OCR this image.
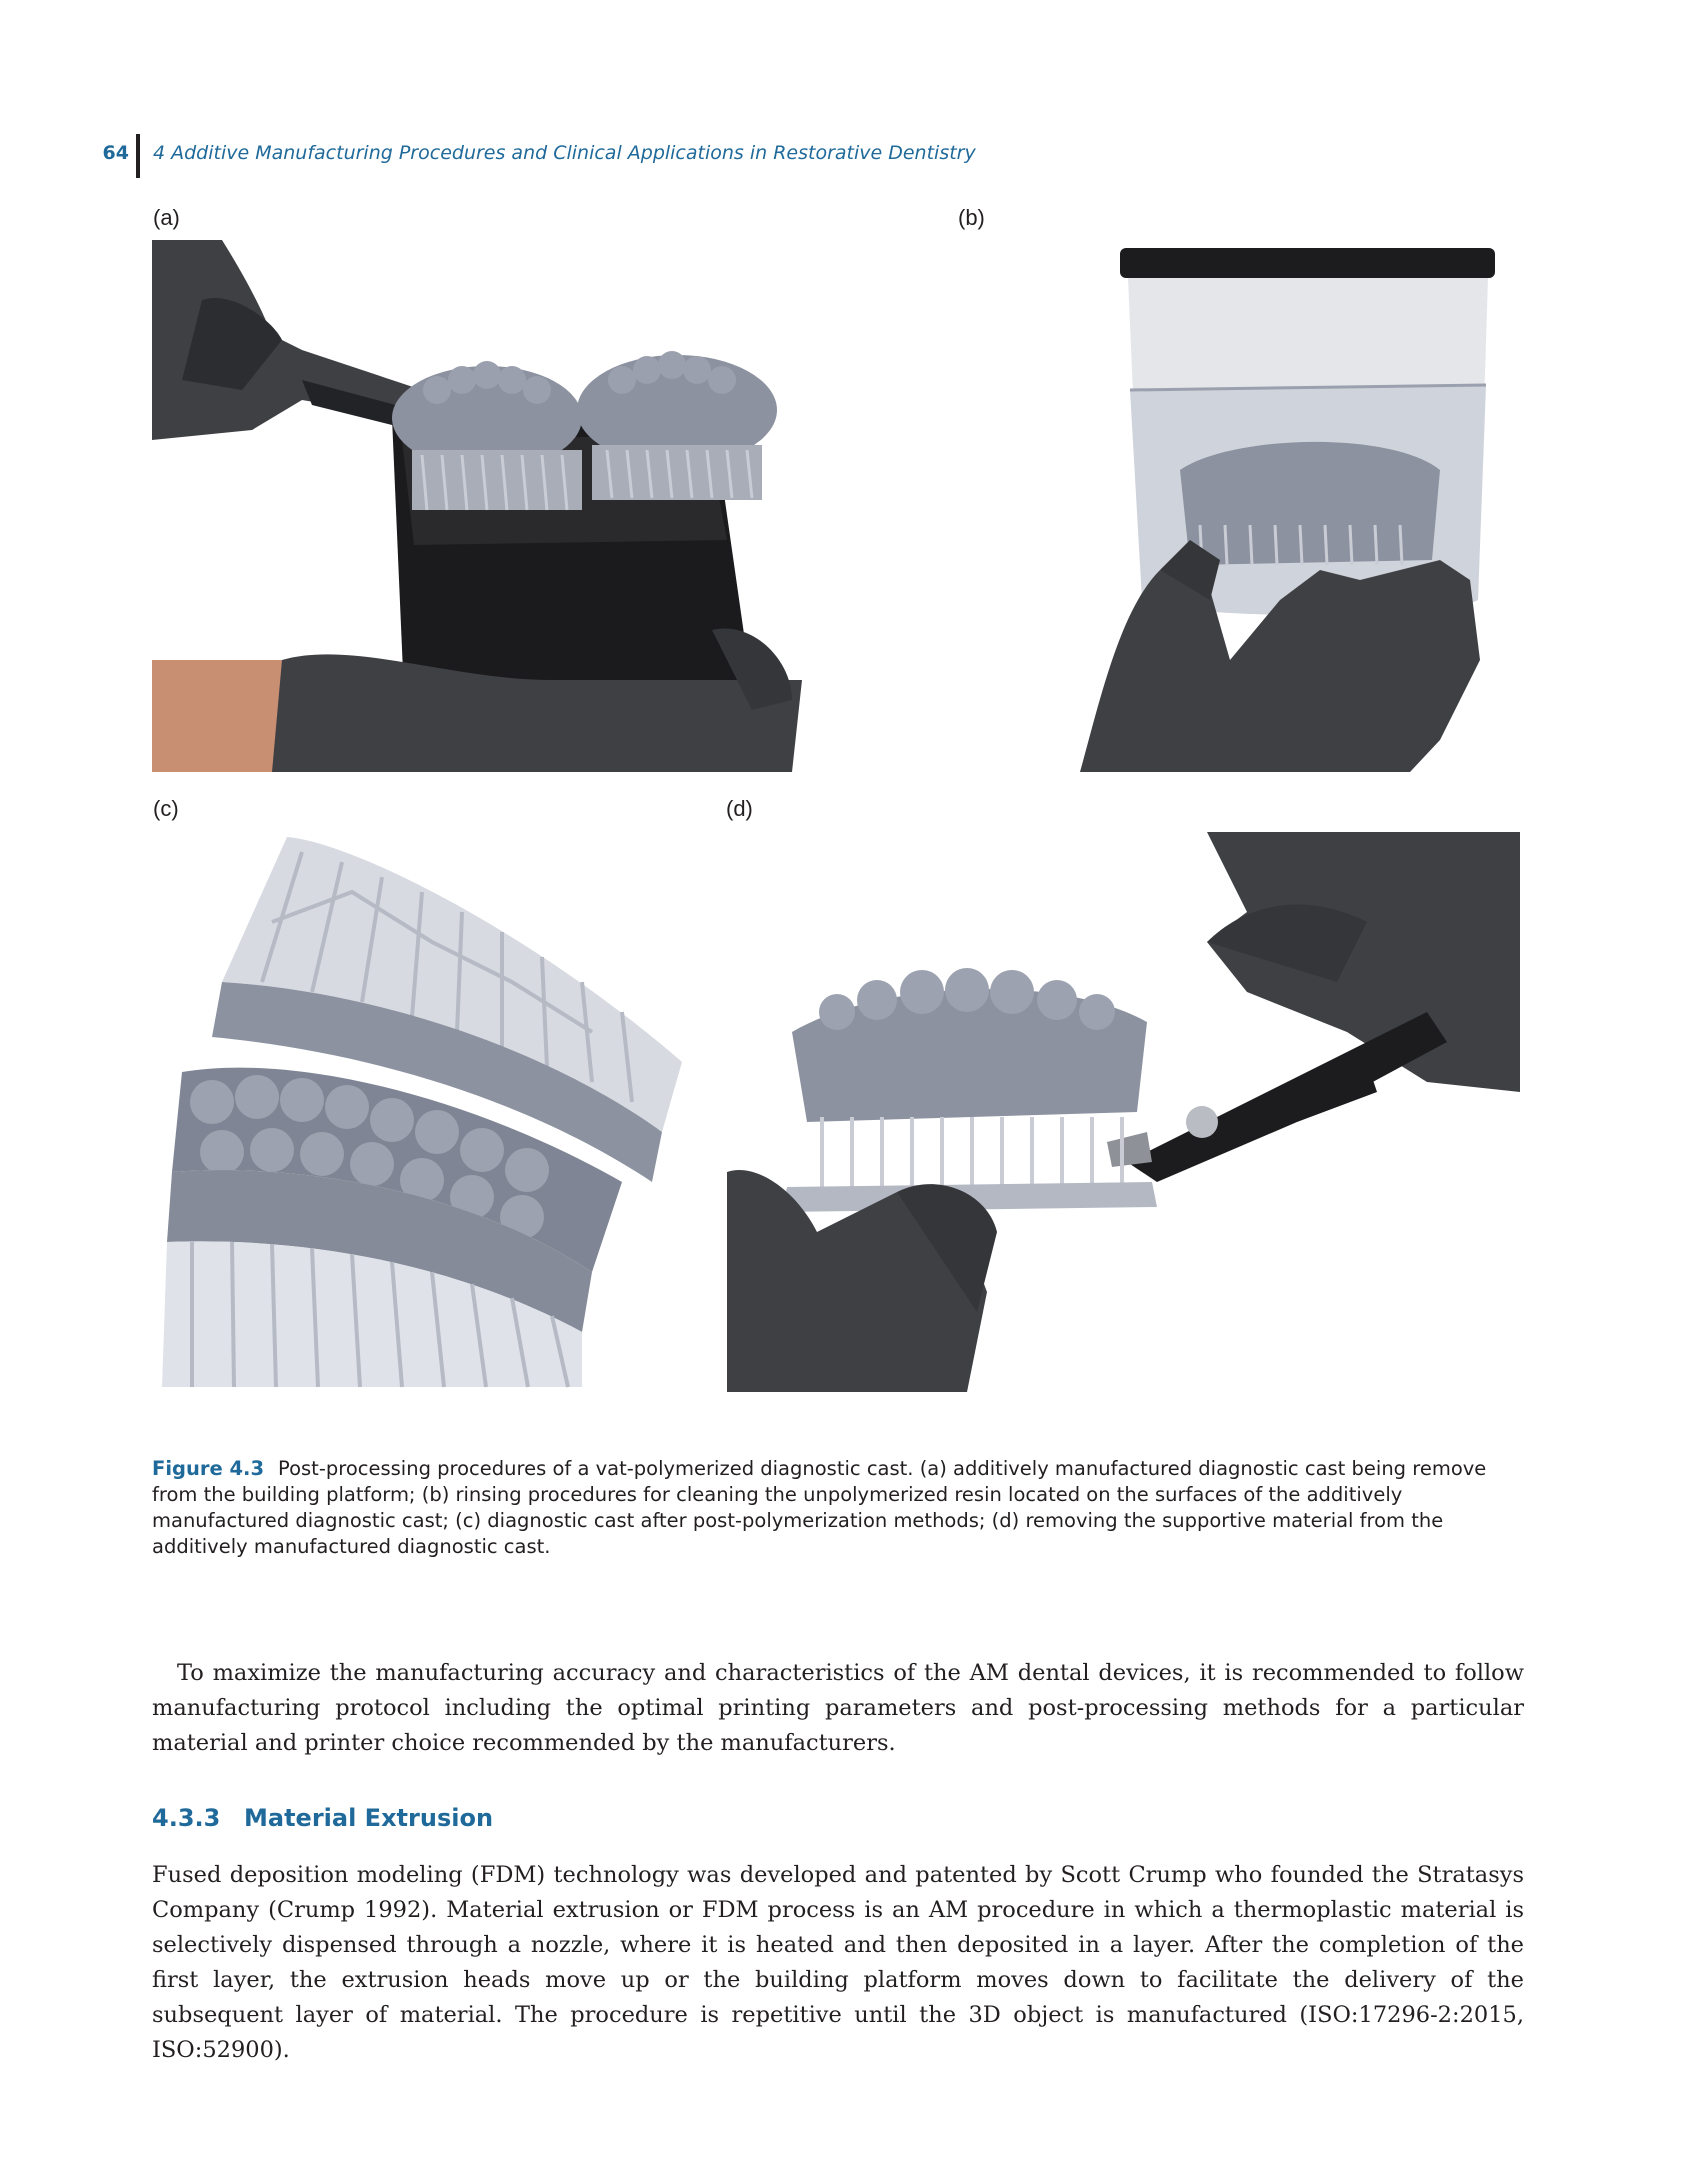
64 4 Additive Manufacturing Procedures and Clinical Applications in Restorative Dentistry
(a)	(b)
(c)	(d)
Figure 4.3 Post-processing procedures of a vat-polymerized diagnostic cast. (a) additively manufactured diagnostic cast being remove from the building platform; (b) rinsing procedures for cleaning the unpolymerized resin located on the surfaces of the additively manufactured diagnostic cast; (c) diagnostic cast after post-polymerization methods; (d) removing the supportive material from the additively manufactured diagnostic cast.

To maximize the manufacturing accuracy and characteristics of the AM dental devices, it is recommended to follow manufacturing protocol including the optimal printing parameters and post-processing methods for a particular material and printer choice recommended by the manufacturers.

4.3.3 Material Extrusion

Fused deposition modeling (FDM) technology was developed and patented by Scott Crump who founded the Stratasys Company (Crump 1992). Material extrusion or FDM process is an AM procedure in which a thermoplastic material is selectively dispensed through a nozzle, where it is heated and then deposited in a layer. After the completion of the first layer, the extrusion heads move up or the building platform moves down to facilitate the delivery of the subsequent layer of material. The procedure is repetitive until the 3D object is manufactured (ISO:17296-2:2015, ISO:52900).
